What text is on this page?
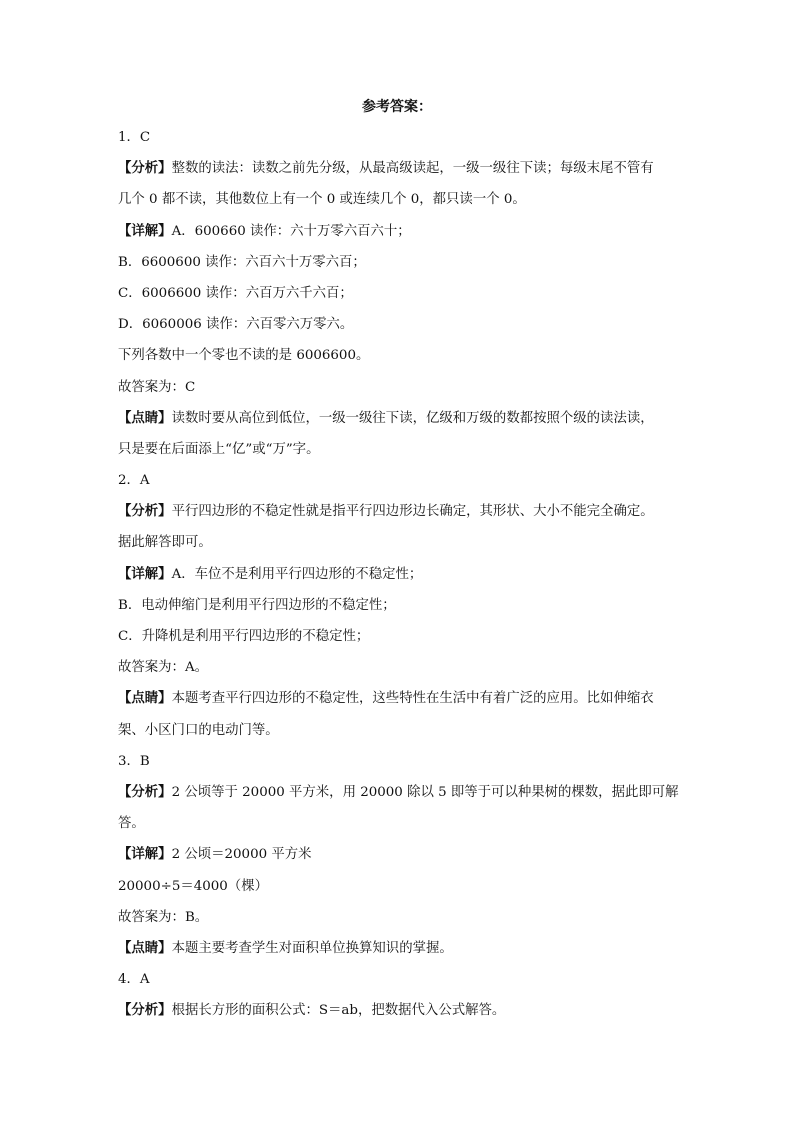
参考答案：
1．C
【分析】整数的读法：读数之前先分级，从最高级读起，一级一级往下读；每级末尾不管有
几个 0 都不读，其他数位上有一个 0 或连续几个 0，都只读一个 0。
【详解】A．600660 读作：六十万零六百六十；
B．6600600 读作：六百六十万零六百；
C．6006600 读作：六百万六千六百；
D．6060006 读作：六百零六万零六。
下列各数中一个零也不读的是 6006600。
故答案为：C
【点睛】读数时要从高位到低位，一级一级往下读，亿级和万级的数都按照个级的读法读，
只是要在后面添上“亿”或“万”字。
2．A
【分析】平行四边形的不稳定性就是指平行四边形边长确定，其形状、大小不能完全确定。
据此解答即可。
【详解】A．车位不是利用平行四边形的不稳定性；
B．电动伸缩门是利用平行四边形的不稳定性；
C．升降机是利用平行四边形的不稳定性；
故答案为：A。
【点睛】本题考查平行四边形的不稳定性，这些特性在生活中有着广泛的应用。比如伸缩衣
架、小区门口的电动门等。
3．B
【分析】2 公顷等于 20000 平方米，用 20000 除以 5 即等于可以种果树的棵数，据此即可解
答。
【详解】2 公顷＝20000 平方米
20000÷5＝4000（棵）
故答案为：B。
【点睛】本题主要考查学生对面积单位换算知识的掌握。
4．A
【分析】根据长方形的面积公式：S＝ab，把数据代入公式解答。
